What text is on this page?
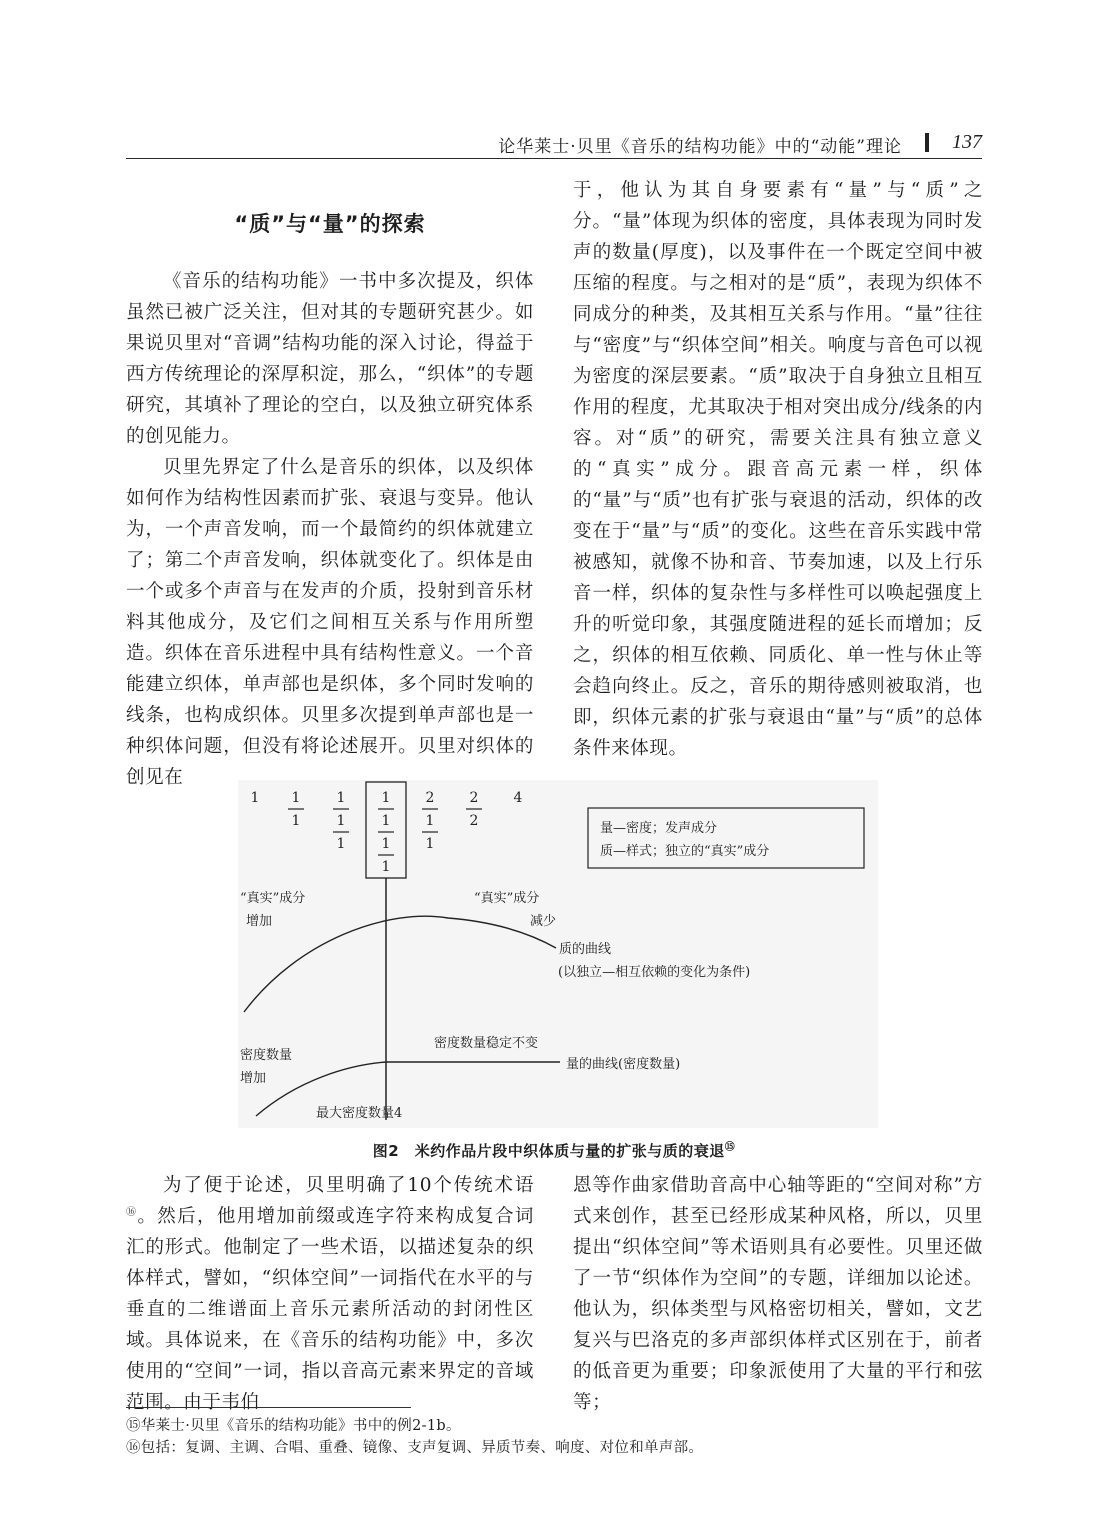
论华莱士·贝里《音乐的结构功能》中的“动能”理论	137
“质”与“量”的探索

《音乐的结构功能》一书中多次提及，织体虽然已被广泛关注，但对其的专题研究甚少。如果说贝里对“音调”结构功能的深入讨论，得益于西方传统理论的深厚积淀，那么，“织体”的专题研究，其填补了理论的空白，以及独立研究体系的创见能力。

贝里先界定了什么是音乐的织体，以及织体如何作为结构性因素而扩张、衰退与变异。他认为，一个声音发响，而一个最简约的织体就建立了；第二个声音发响，织体就变化了。织体是由一个或多个声音与在发声的介质，投射到音乐材料其他成分，及它们之间相互关系与作用所塑造。织体在音乐进程中具有结构性意义。一个音能建立织体，单声部也是织体，多个同时发响的线条，也构成织体。贝里多次提到单声部也是一种织体问题，但没有将论述展开。贝里对织体的创见在

于，他认为其自身要素有“量”与“质”之分。“量”体现为织体的密度，具体表现为同时发声的数量(厚度)，以及事件在一个既定空间中被压缩的程度。与之相对的是“质”，表现为织体不同成分的种类，及其相互关系与作用。“量”往往与“密度”与“织体空间”相关。响度与音色可以视为密度的深层要素。“质”取决于自身独立且相互作用的程度，尤其取决于相对突出成分/线条的内容。对“质”的研究，需要关注具有独立意义的“真实”成分。跟音高元素一样，织体的“量”与“质”也有扩张与衰退的活动，织体的改变在于“量”与“质”的变化。这些在音乐实践中常被感知，就像不协和音、节奏加速，以及上行乐音一样，织体的复杂性与多样性可以唤起强度上升的听觉印象，其强度随进程的延长而增加；反之，织体的相互依赖、同质化、单一性与休止等会趋向终止。反之，音乐的期待感则被取消，也即，织体元素的扩张与衰退由“量”与“质”的总体条件来体现。

1 1
1
1
1
1
1
1
1
1
2
1
1
2
2
4
量—密度；发声成分
质—样式；独立的“真实”成分
“真实”成分
增加
“真实”成分
减少
质的曲线
(以独立—相互依赖的变化为条件)
密度数量稳定不变
量的曲线(密度数量)
密度数量
增加
最大密度数量4
图2　米约作品片段中织体质与量的扩张与质的衰退⑮

为了便于论述，贝里明确了10个传统术语⑯。然后，他用增加前缀或连字符来构成复合词汇的形式。他制定了一些术语，以描述复杂的织体样式，譬如，“织体空间”一词指代在水平的与垂直的二维谱面上音乐元素所活动的封闭性区域。具体说来，在《音乐的结构功能》中，多次使用的“空间”一词，指以音高元素来界定的音域范围。由于韦伯

恩等作曲家借助音高中心轴等距的“空间对称”方式来创作，甚至已经形成某种风格，所以，贝里提出“织体空间”等术语则具有必要性。贝里还做了一节“织体作为空间”的专题，详细加以论述。他认为，织体类型与风格密切相关，譬如，文艺复兴与巴洛克的多声部织体样式区别在于，前者的低音更为重要；印象派使用了大量的平行和弦等；

⑮华莱士·贝里《音乐的结构功能》书中的例2-1b。
⑯包括：复调、主调、合唱、重叠、镜像、支声复调、异质节奏、响度、对位和单声部。
